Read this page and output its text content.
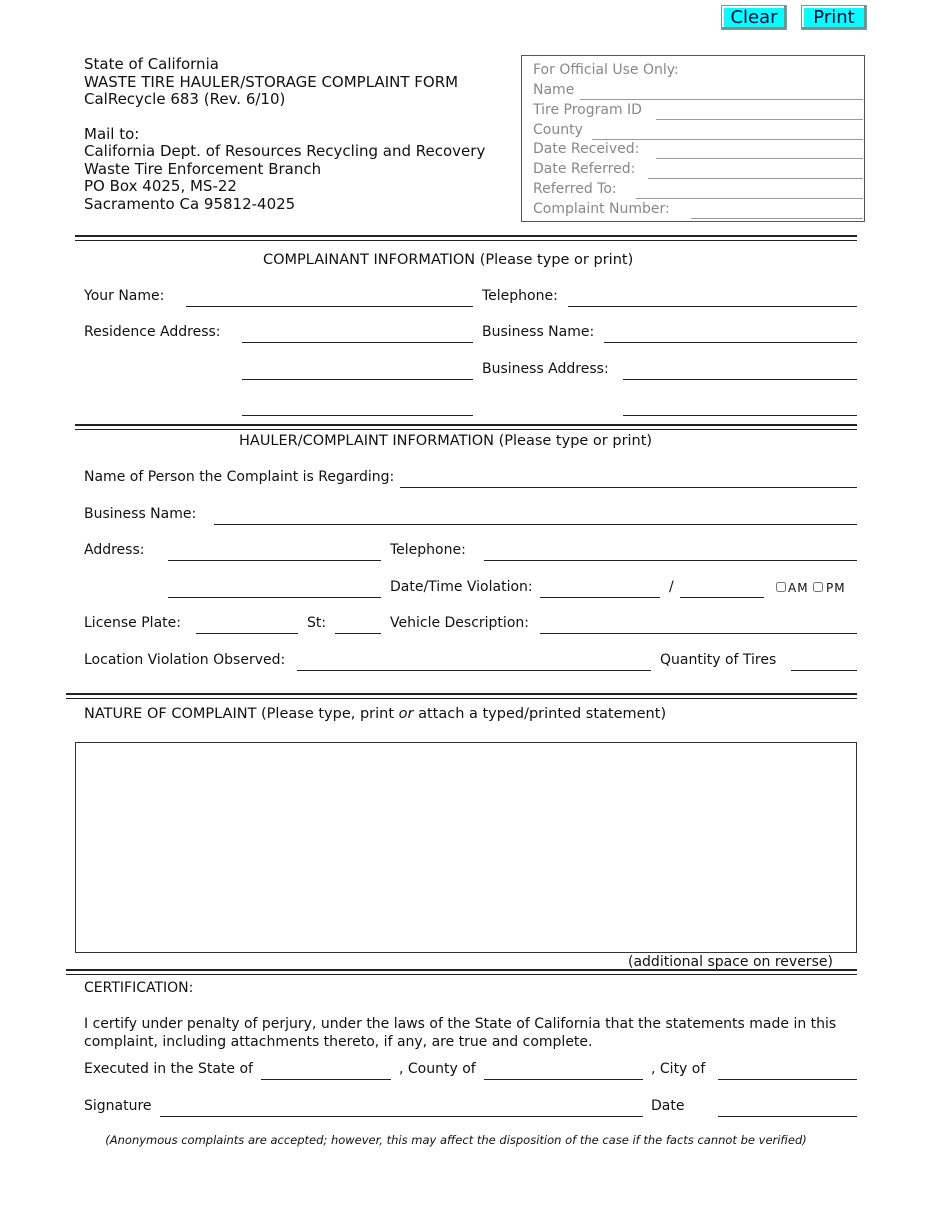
Clear	Print
State of California
WASTE TIRE HAULER/STORAGE COMPLAINT FORM
CalRecycle 683 (Rev. 6/10)
Mail to:
California Dept. of Resources Recycling and Recovery
Waste Tire Enforcement Branch
PO Box 4025, MS-22
Sacramento Ca 95812-4025
For Official Use Only:
Name
Tire Program ID
County
Date Received:
Date Referred:
Referred To:
Complaint Number:
COMPLAINANT INFORMATION (Please type or print)
Your Name:	Telephone:
Residence Address:	Business Name:
Business Address:
HAULER/COMPLAINT INFORMATION (Please type or print)
Name of Person the Complaint is Regarding:
Business Name:
Address:	Telephone:
Date/Time Violation:	/	AM PM
License Plate:	St:	Vehicle Description:
Location Violation Observed:	Quantity of Tires
NATURE OF COMPLAINT (Please type, print or attach a typed/printed statement)
(additional space on reverse)
CERTIFICATION:
I certify under penalty of perjury, under the laws of the State of California that the statements made in this
complaint, including attachments thereto, if any, are true and complete.
Executed in the State of	, County of	, City of
Signature	Date
(Anonymous complaints are accepted; however, this may affect the disposition of the case if the facts cannot be verified)
